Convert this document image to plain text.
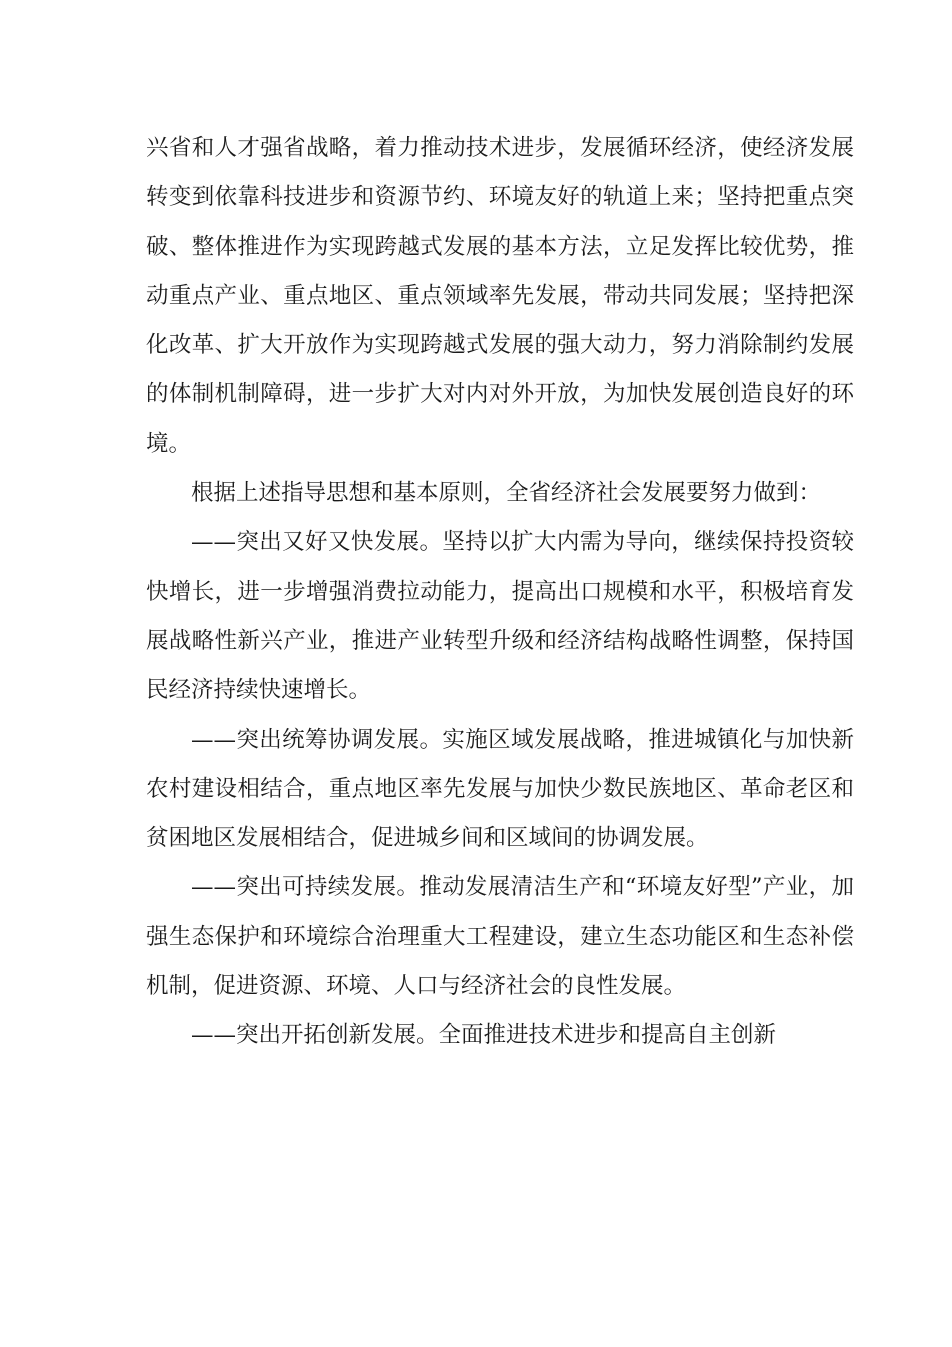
兴省和人才强省战略，着力推动技术进步，发展循环经济，使经济发展转变到依靠科技进步和资源节约、环境友好的轨道上来；坚持把重点突破、整体推进作为实现跨越式发展的基本方法，立足发挥比较优势，推动重点产业、重点地区、重点领域率先发展，带动共同发展；坚持把深化改革、扩大开放作为实现跨越式发展的强大动力，努力消除制约发展的体制机制障碍，进一步扩大对内对外开放，为加快发展创造良好的环境。

根据上述指导思想和基本原则，全省经济社会发展要努力做到：

——突出又好又快发展。坚持以扩大内需为导向，继续保持投资较快增长，进一步增强消费拉动能力，提高出口规模和水平，积极培育发展战略性新兴产业，推进产业转型升级和经济结构战略性调整，保持国民经济持续快速增长。

——突出统筹协调发展。实施区域发展战略，推进城镇化与加快新农村建设相结合，重点地区率先发展与加快少数民族地区、革命老区和贫困地区发展相结合，促进城乡间和区域间的协调发展。

——突出可持续发展。推动发展清洁生产和“环境友好型”产业，加强生态保护和环境综合治理重大工程建设，建立生态功能区和生态补偿机制，促进资源、环境、人口与经济社会的良性发展。

——突出开拓创新发展。全面推进技术进步和提高自主创新
